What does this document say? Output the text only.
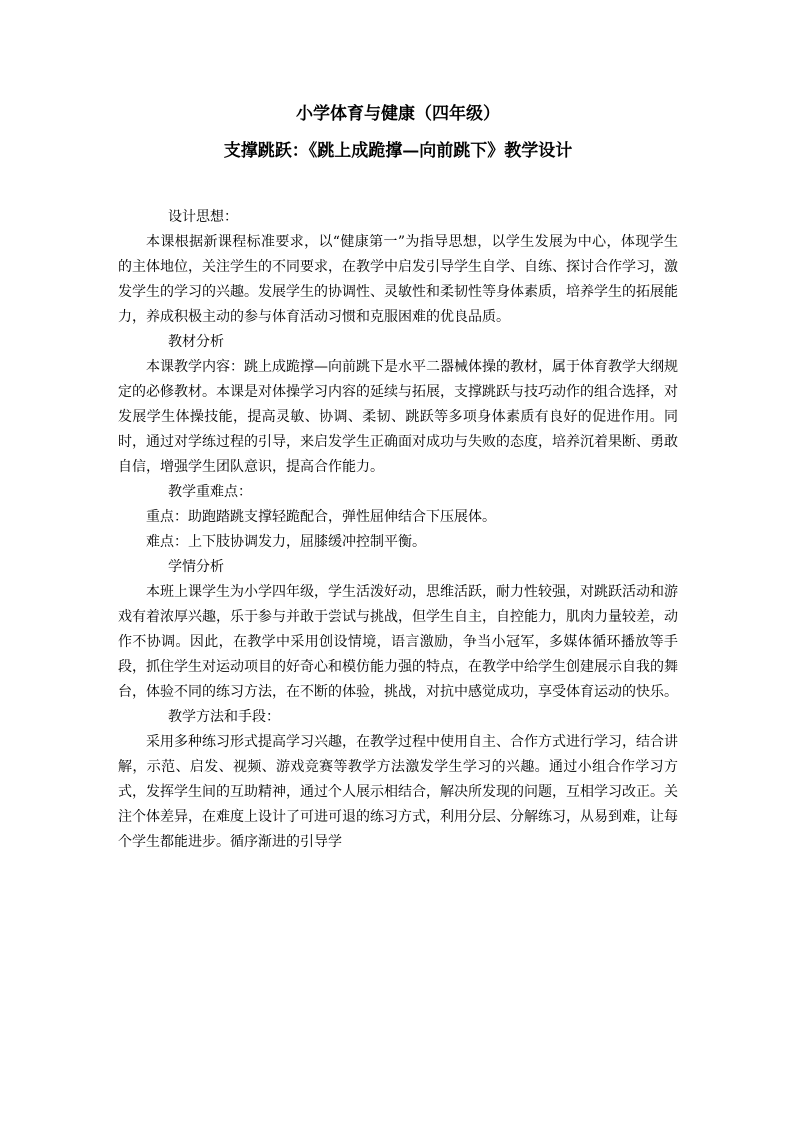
小学体育与健康（四年级）
支撑跳跃：《跳上成跪撑—向前跳下》教学设计

设计思想：

本课根据新课程标准要求，以“健康第一”为指导思想，以学生发展为中心，体现学生的主体地位，关注学生的不同要求，在教学中启发引导学生自学、自练、探讨合作学习，激发学生的学习的兴趣。发展学生的协调性、灵敏性和柔韧性等身体素质，培养学生的拓展能力，养成积极主动的参与体育活动习惯和克服困难的优良品质。

教材分析

本课教学内容：跳上成跪撑—向前跳下是水平二器械体操的教材，属于体育教学大纲规定的必修教材。本课是对体操学习内容的延续与拓展，支撑跳跃与技巧动作的组合选择，对发展学生体操技能，提高灵敏、协调、柔韧、跳跃等多项身体素质有良好的促进作用。同时，通过对学练过程的引导，来启发学生正确面对成功与失败的态度，培养沉着果断、勇敢自信，增强学生团队意识，提高合作能力。

教学重难点：

重点：助跑踏跳支撑轻跪配合，弹性屈伸结合下压展体。

难点：上下肢协调发力，屈膝缓冲控制平衡。

学情分析

本班上课学生为小学四年级，学生活泼好动，思维活跃，耐力性较强，对跳跃活动和游戏有着浓厚兴趣，乐于参与并敢于尝试与挑战，但学生自主，自控能力，肌肉力量较差，动作不协调。因此，在教学中采用创设情境，语言激励，争当小冠军，多媒体循环播放等手段，抓住学生对运动项目的好奇心和模仿能力强的特点，在教学中给学生创建展示自我的舞台，体验不同的练习方法，在不断的体验，挑战，对抗中感觉成功，享受体育运动的快乐。

教学方法和手段：

采用多种练习形式提高学习兴趣，在教学过程中使用自主、合作方式进行学习，结合讲解，示范、启发、视频、游戏竞赛等教学方法激发学生学习的兴趣。通过小组合作学习方式，发挥学生间的互助精神，通过个人展示相结合，解决所发现的问题，互相学习改正。关注个体差异，在难度上设计了可进可退的练习方式，利用分层、分解练习，从易到难，让每个学生都能进步。循序渐进的引导学
